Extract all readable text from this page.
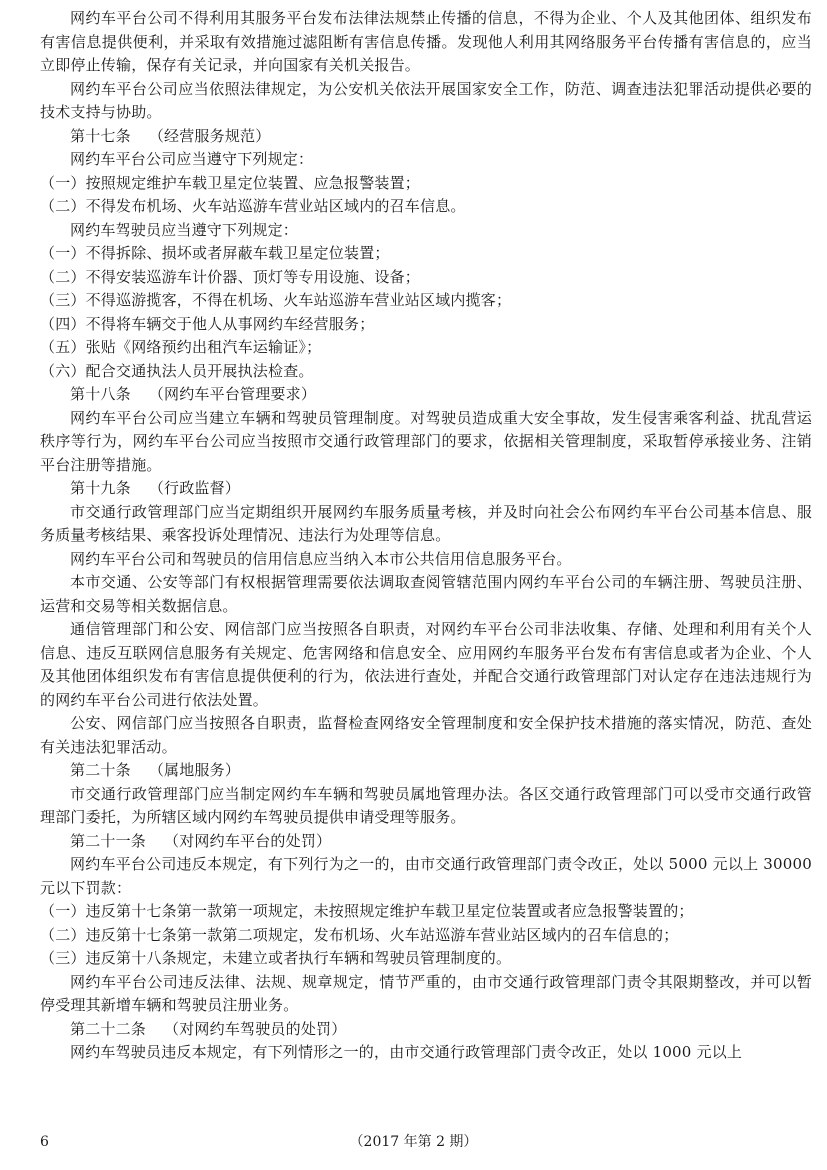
网约车平台公司不得利用其服务平台发布法律法规禁止传播的信息，不得为企业、个人及其他团体、组织发布有害信息提供便利，并采取有效措施过滤阻断有害信息传播。发现他人利用其网络服务平台传播有害信息的，应当立即停止传输，保存有关记录，并向国家有关机关报告。

网约车平台公司应当依照法律规定，为公安机关依法开展国家安全工作，防范、调查违法犯罪活动提供必要的技术支持与协助。

第十七条 （经营服务规范）

网约车平台公司应当遵守下列规定：

（一）按照规定维护车载卫星定位装置、应急报警装置；

（二）不得发布机场、火车站巡游车营业站区域内的召车信息。

网约车驾驶员应当遵守下列规定：

（一）不得拆除、损坏或者屏蔽车载卫星定位装置；

（二）不得安装巡游车计价器、顶灯等专用设施、设备；

（三）不得巡游揽客，不得在机场、火车站巡游车营业站区域内揽客；

（四）不得将车辆交于他人从事网约车经营服务；

（五）张贴《网络预约出租汽车运输证》；

（六）配合交通执法人员开展执法检查。

第十八条 （网约车平台管理要求）

网约车平台公司应当建立车辆和驾驶员管理制度。对驾驶员造成重大安全事故，发生侵害乘客利益、扰乱营运秩序等行为，网约车平台公司应当按照市交通行政管理部门的要求，依据相关管理制度，采取暂停承接业务、注销平台注册等措施。

第十九条 （行政监督）

市交通行政管理部门应当定期组织开展网约车服务质量考核，并及时向社会公布网约车平台公司基本信息、服务质量考核结果、乘客投诉处理情况、违法行为处理等信息。

网约车平台公司和驾驶员的信用信息应当纳入本市公共信用信息服务平台。

本市交通、公安等部门有权根据管理需要依法调取查阅管辖范围内网约车平台公司的车辆注册、驾驶员注册、运营和交易等相关数据信息。

通信管理部门和公安、网信部门应当按照各自职责，对网约车平台公司非法收集、存储、处理和利用有关个人信息、违反互联网信息服务有关规定、危害网络和信息安全、应用网约车服务平台发布有害信息或者为企业、个人及其他团体组织发布有害信息提供便利的行为，依法进行查处，并配合交通行政管理部门对认定存在违法违规行为的网约车平台公司进行依法处置。

公安、网信部门应当按照各自职责，监督检查网络安全管理制度和安全保护技术措施的落实情况，防范、查处有关违法犯罪活动。

第二十条 （属地服务）

市交通行政管理部门应当制定网约车车辆和驾驶员属地管理办法。各区交通行政管理部门可以受市交通行政管理部门委托，为所辖区域内网约车驾驶员提供申请受理等服务。

第二十一条 （对网约车平台的处罚）

网约车平台公司违反本规定，有下列行为之一的，由市交通行政管理部门责令改正，处以 5000 元以上 30000 元以下罚款：

（一）违反第十七条第一款第一项规定，未按照规定维护车载卫星定位装置或者应急报警装置的；

（二）违反第十七条第一款第二项规定，发布机场、火车站巡游车营业站区域内的召车信息的；

（三）违反第十八条规定，未建立或者执行车辆和驾驶员管理制度的。

网约车平台公司违反法律、法规、规章规定，情节严重的，由市交通行政管理部门责令其限期整改，并可以暂停受理其新增车辆和驾驶员注册业务。

第二十二条 （对网约车驾驶员的处罚）

网约车驾驶员违反本规定，有下列情形之一的，由市交通行政管理部门责令改正，处以 1000 元以上

6	（2017 年第 2 期）
